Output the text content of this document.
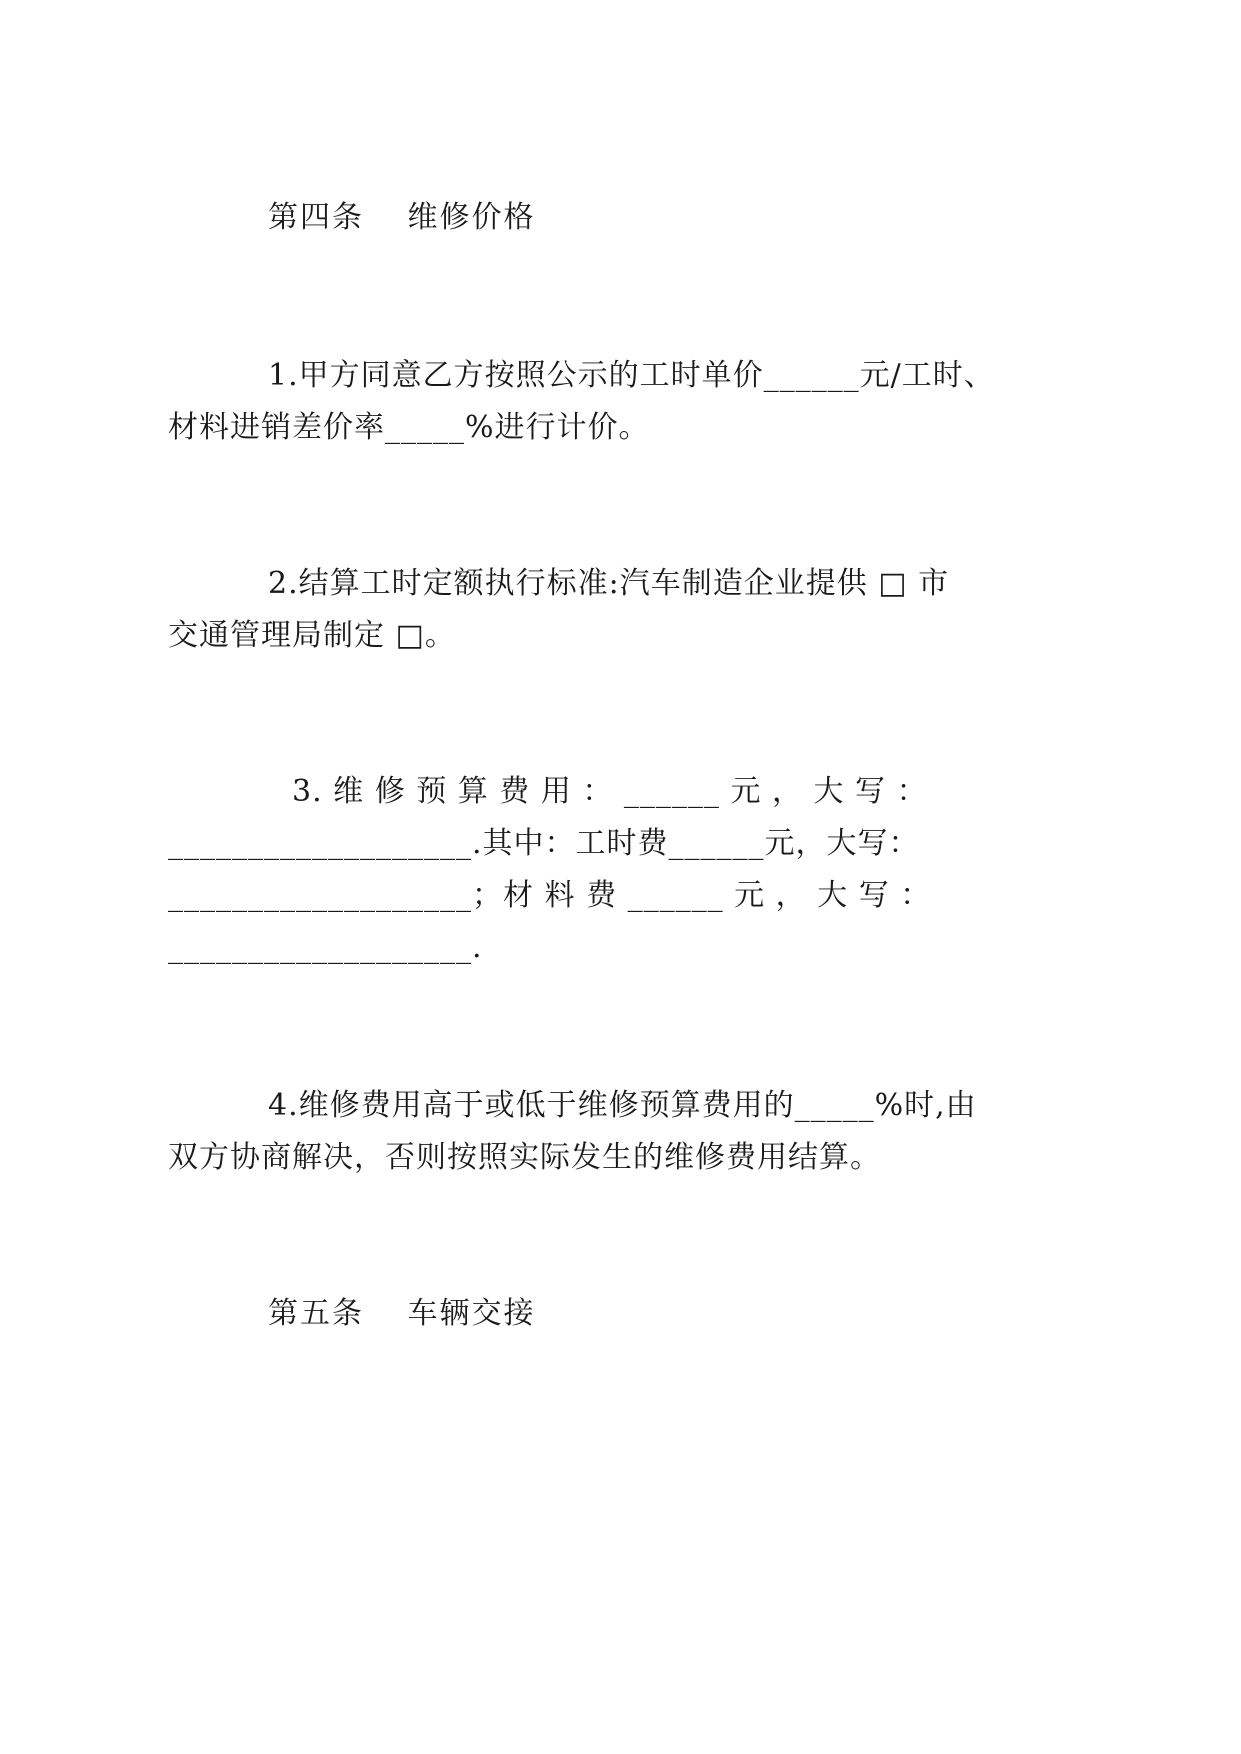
第四条　 维修价格
1.甲方同意乙方按照公示的工时单价______元/工时、
材料进销差价率_____%进行计价。
2.结算工时定额执行标准:汽车制造企业提供 □ 市
交通管理局制定 □。
3. 维 修 预 算 费 用 ： ______ 元 ， 大 写 ：
___________________.其中：工时费______元，大写：
___________________；材 料 费 ______ 元 ， 大 写 ：
___________________.
4.维修费用高于或低于维修预算费用的_____%时,由
双方协商解决，否则按照实际发生的维修费用结算。
第五条　 车辆交接
